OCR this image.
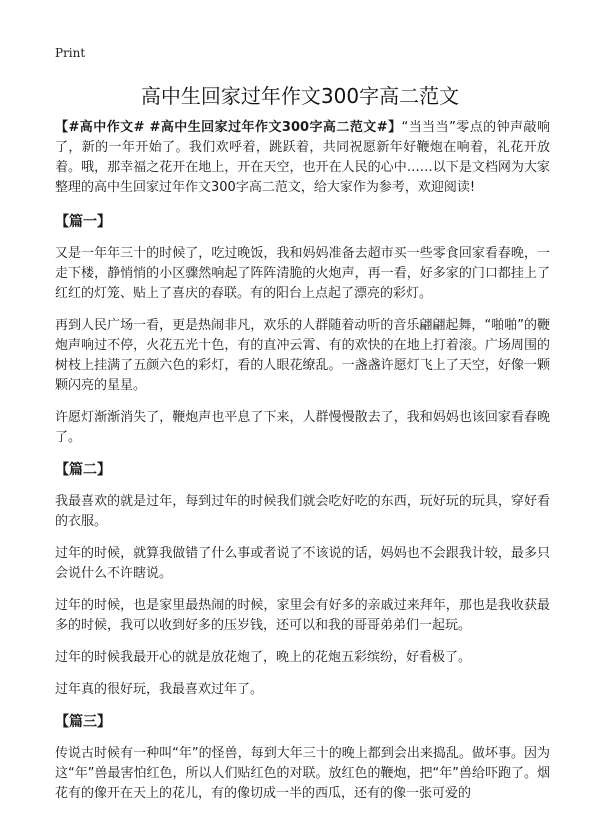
Print
高中生回家过年作文300字高二范文

【#高中作文# #高中生回家过年作文300字高二范文#】“当当当”零点的钟声敲响了，新的一年开始了。我们欢呼着，跳跃着，共同祝愿新年好鞭炮在响着，礼花开放着。哦，那幸福之花开在地上，开在天空，也开在人民的心中……以下是文档网为大家整理的高中生回家过年作文300字高二范文，给大家作为参考，欢迎阅读!

【篇一】

又是一年年三十的时候了，吃过晚饭，我和妈妈准备去超市买一些零食回家看春晚，一走下楼，静悄悄的小区骤然响起了阵阵清脆的火炮声，再一看，好多家的门口都挂上了红红的灯笼、贴上了喜庆的春联。有的阳台上点起了漂亮的彩灯。

再到人民广场一看，更是热闹非凡，欢乐的人群随着动听的音乐翩翩起舞，“啪啪”的鞭炮声响过不停，火花五光十色，有的直冲云霄、有的欢快的在地上打着滚。广场周围的树枝上挂满了五颜六色的彩灯，看的人眼花缭乱。一盏盏许愿灯飞上了天空，好像一颗颗闪亮的星星。

许愿灯渐渐消失了，鞭炮声也平息了下来，人群慢慢散去了，我和妈妈也该回家看春晚了。

【篇二】

我最喜欢的就是过年，每到过年的时候我们就会吃好吃的东西，玩好玩的玩具，穿好看的衣服。

过年的时候，就算我做错了什么事或者说了不该说的话，妈妈也不会跟我计较，最多只会说什么不许瞎说。

过年的时候，也是家里最热闹的时候，家里会有好多的亲戚过来拜年，那也是我收获最多的时候，我可以收到好多的压岁钱，还可以和我的哥哥弟弟们一起玩。

过年的时候我最开心的就是放花炮了，晚上的花炮五彩缤纷，好看极了。

过年真的很好玩，我最喜欢过年了。

【篇三】

传说古时候有一种叫“年”的怪兽，每到大年三十的晚上都到会出来捣乱。做坏事。因为这“年”兽最害怕红色，所以人们贴红色的对联。放红色的鞭炮，把“年”兽给吓跑了。烟花有的像开在天上的花儿，有的像切成一半的西瓜，还有的像一张可爱的
